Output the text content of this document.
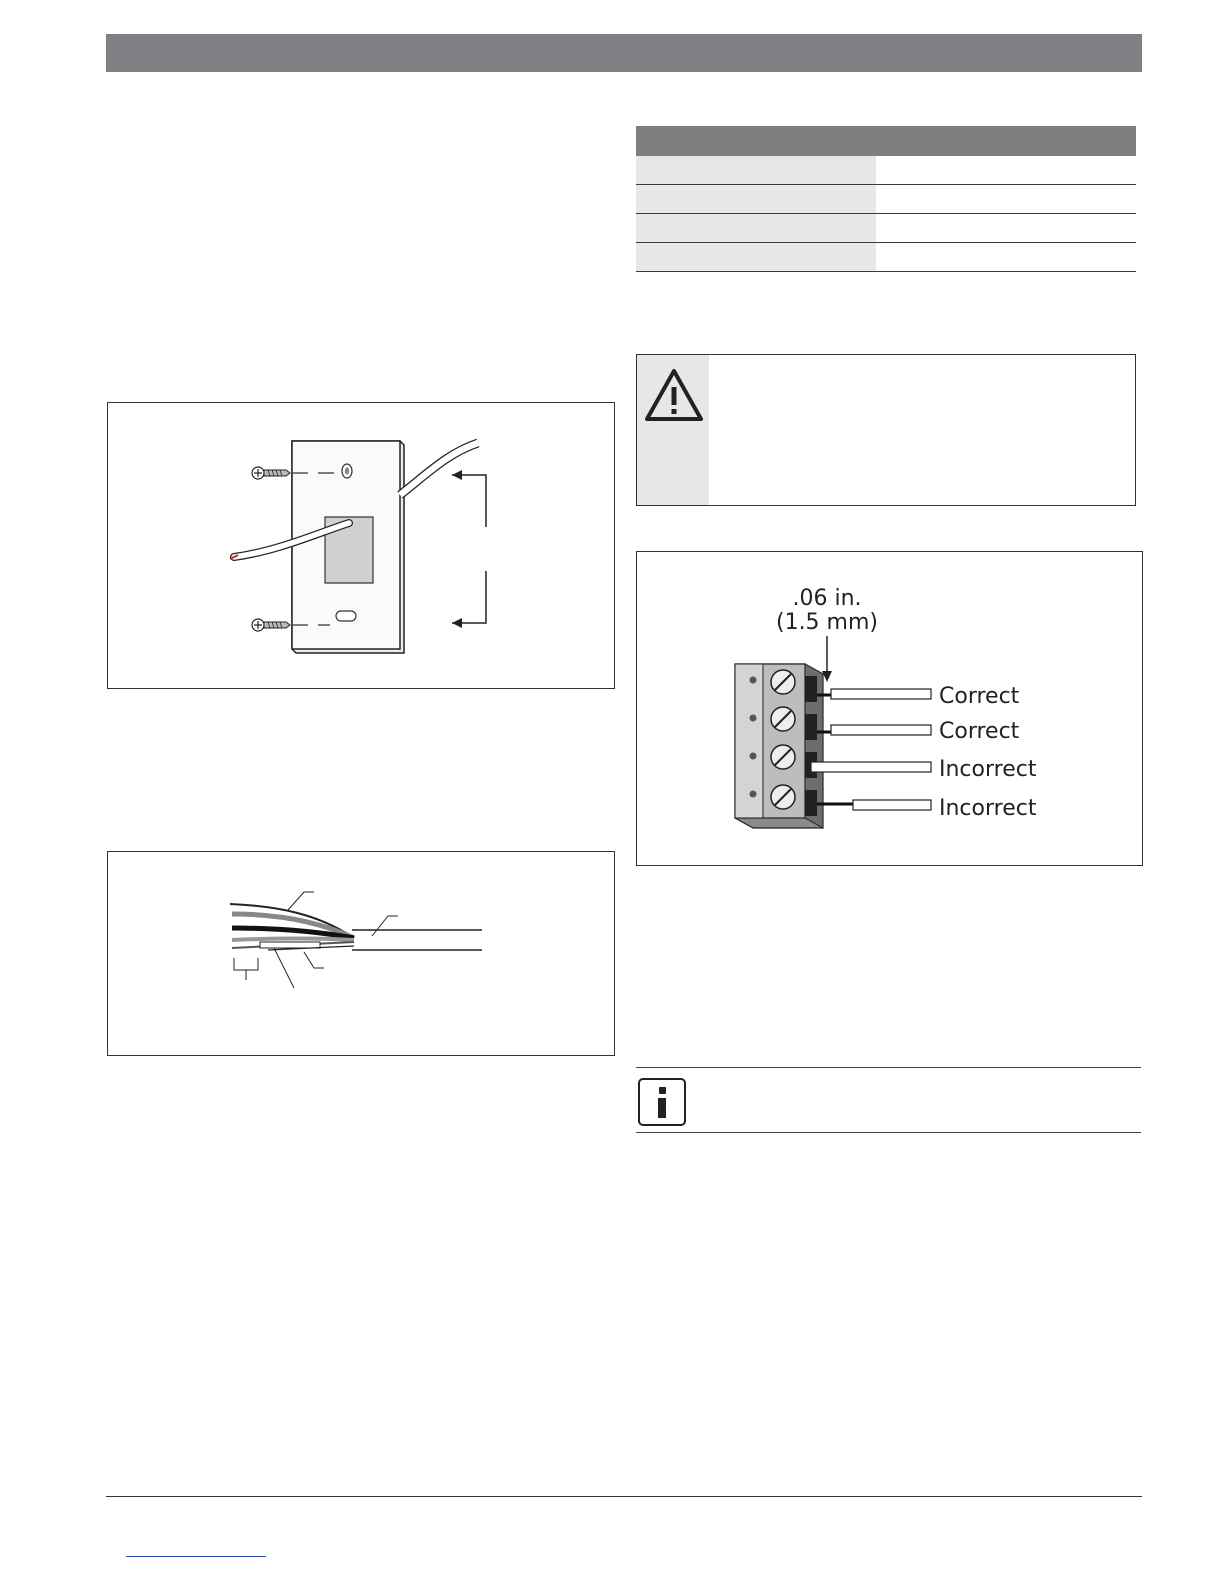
.06 in.
(1.5 mm)
Correct
Correct
Incorrect
Incorrect
